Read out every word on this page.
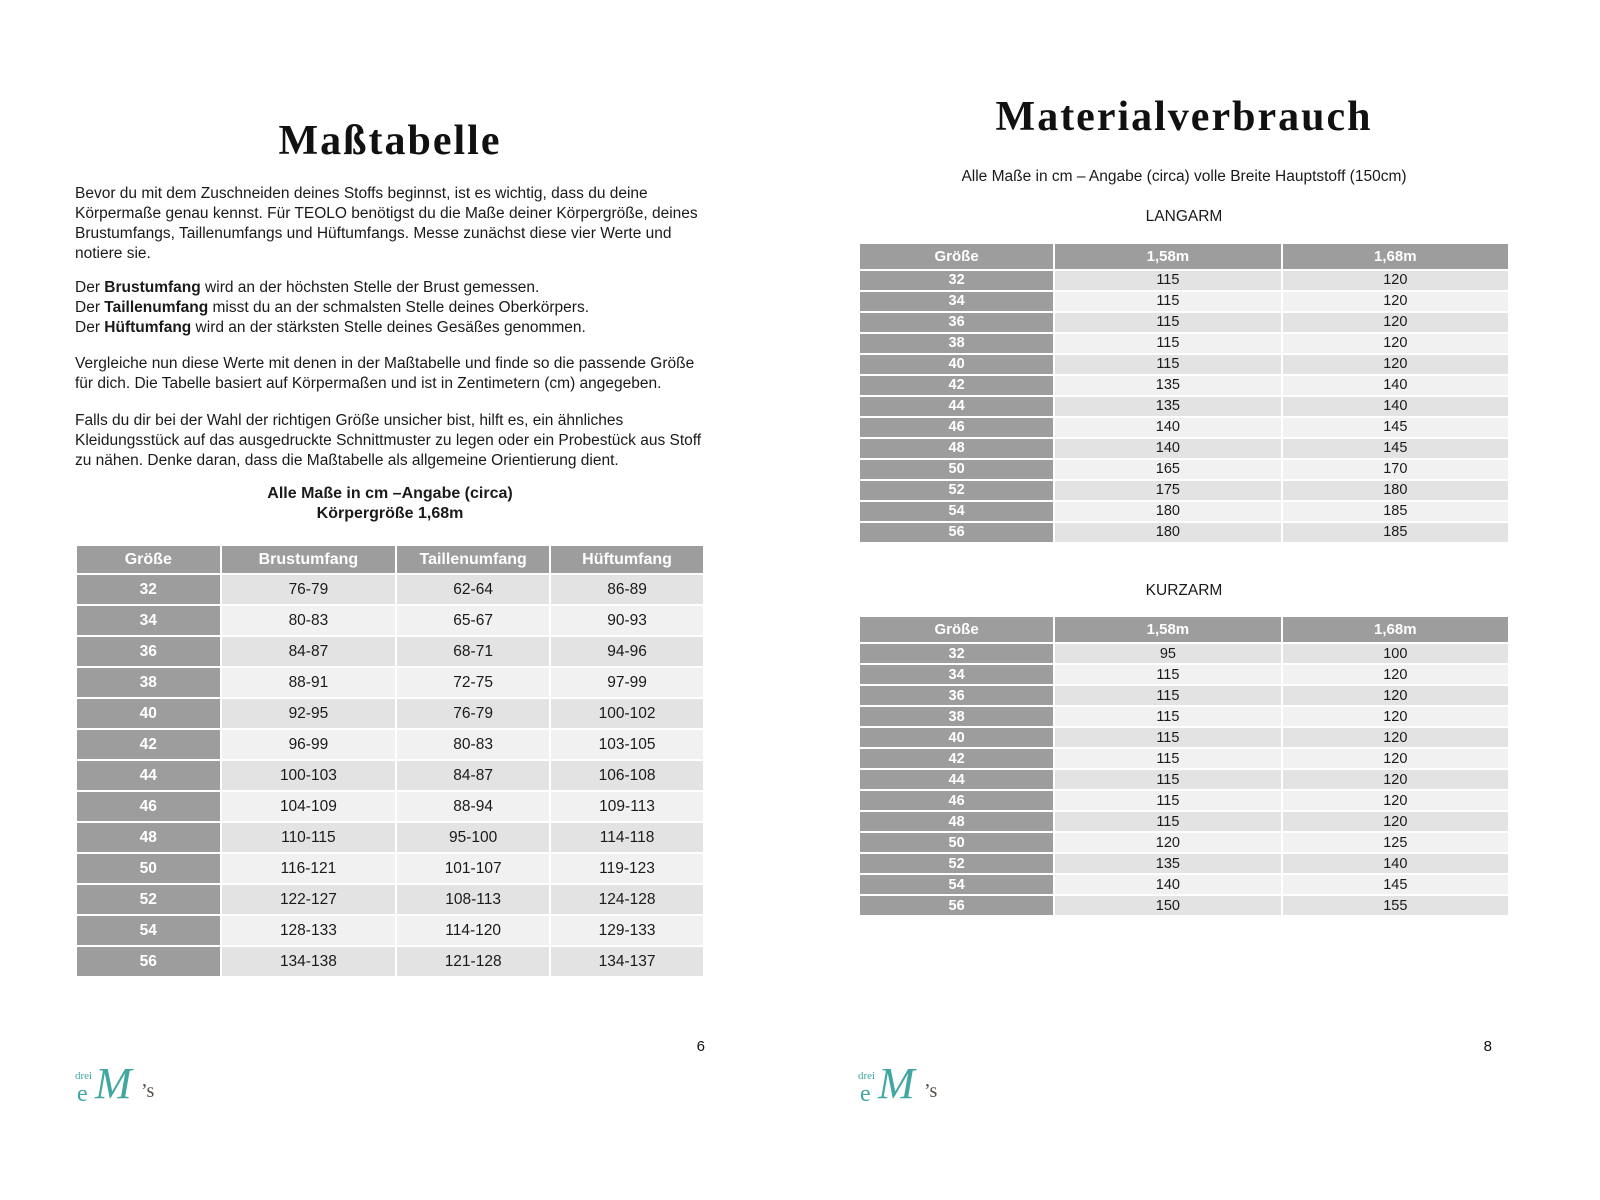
Maßtabelle

Bevor du mit dem Zuschneiden deines Stoffs beginnst, ist es wichtig, dass du deine Körpermaße genau kennst. Für TEOLO benötigst du die Maße deiner Körpergröße, deines Brustumfangs, Taillenumfangs und Hüftumfangs. Messe zunächst diese vier Werte und notiere sie.

Der Brustumfang wird an der höchsten Stelle der Brust gemessen.

Der Taillenumfang misst du an der schmalsten Stelle deines Oberkörpers.

Der Hüftumfang wird an der stärksten Stelle deines Gesäßes genommen.

Vergleiche nun diese Werte mit denen in der Maßtabelle und finde so die passende Größe für dich. Die Tabelle basiert auf Körpermaßen und ist in Zentimetern (cm) angegeben.

Falls du dir bei der Wahl der richtigen Größe unsicher bist, hilft es, ein ähnliches Kleidungsstück auf das ausgedruckte Schnittmuster zu legen oder ein Probestück aus Stoff zu nähen. Denke daran, dass die Maßtabelle als allgemeine Orientierung dient.

Alle Maße in cm –Angabe (circa)
Körpergröße 1,68m

Größe	Brustumfang	Taillenumfang	Hüftumfang
32	76-79	62-64	86-89
34	80-83	65-67	90-93
36	84-87	68-71	94-96
38	88-91	72-75	97-99
40	92-95	76-79	100-102
42	96-99	80-83	103-105
44	100-103	84-87	106-108
46	104-109	88-94	109-113
48	110-115	95-100	114-118
50	116-121	101-107	119-123
52	122-127	108-113	124-128
54	128-133	114-120	129-133
56	134-138	121-128	134-137
6
drei
e M ’s
Materialverbrauch

Alle Maße in cm – Angabe (circa) volle Breite Hauptstoff (150cm)

LANGARM

Größe	1,58m	1,68m
32	115	120
34	115	120
36	115	120
38	115	120
40	115	120
42	135	140
44	135	140
46	140	145
48	140	145
50	165	170
52	175	180
54	180	185
56	180	185

KURZARM

Größe	1,58m	1,68m
32	95	100
34	115	120
36	115	120
38	115	120
40	115	120
42	115	120
44	115	120
46	115	120
48	115	120
50	120	125
52	135	140
54	140	145
56	150	155
8
drei
e M ’s
